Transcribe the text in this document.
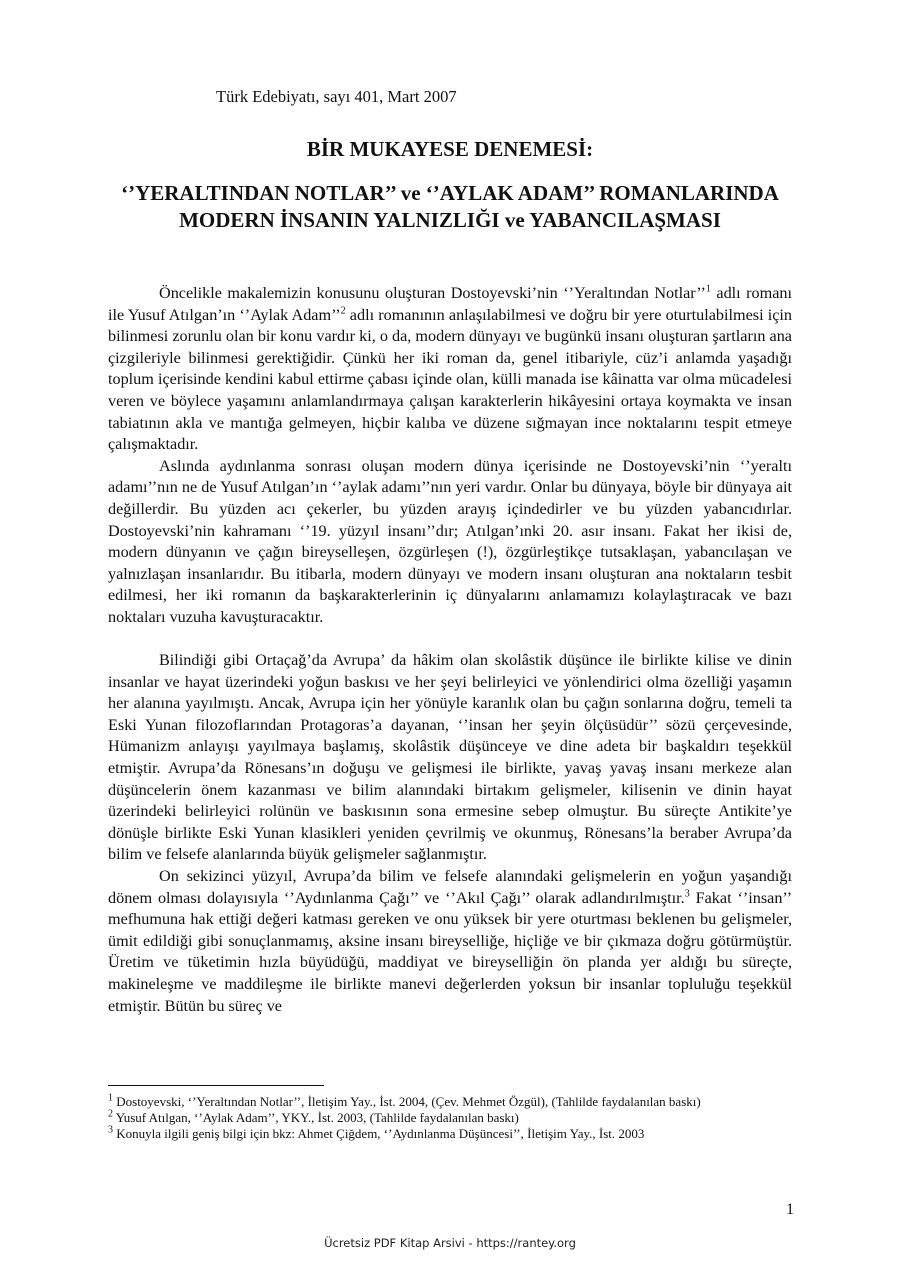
Türk Edebiyatı, sayı 401, Mart 2007
BİR MUKAYESE DENEMESİ:
‘’YERALTINDAN NOTLAR’’ ve ‘’AYLAK ADAM’’ ROMANLARINDA MODERN İNSANIN YALNIZLIĞI ve YABANCILAŞMASI

Öncelikle makalemizin konusunu oluşturan Dostoyevski’nin ‘’Yeraltından Notlar’’$^1$ adlı romanı ile Yusuf Atılgan’ın ‘’Aylak Adam’’$^2$ adlı romanının anlaşılabilmesi ve doğru bir yere oturtulabilmesi için bilinmesi zorunlu olan bir konu vardır ki, o da, modern dünyayı ve bugünkü insanı oluşturan şartların ana çizgileriyle bilinmesi gerektiğidir. Çünkü her iki roman da, genel itibariyle, cüz’i anlamda yaşadığı toplum içerisinde kendini kabul ettirme çabası içinde olan, külli manada ise kâinatta var olma mücadelesi veren ve böylece yaşamını anlamlandırmaya çalışan karakterlerin hikâyesini ortaya koymakta ve insan tabiatının akla ve mantığa gelmeyen, hiçbir kalıba ve düzene sığmayan ince noktalarını tespit etmeye çalışmaktadır.

Aslında aydınlanma sonrası oluşan modern dünya içerisinde ne Dostoyevski’nin ‘’yeraltı adamı’’nın ne de Yusuf Atılgan’ın ‘’aylak adamı’’nın yeri vardır. Onlar bu dünyaya, böyle bir dünyaya ait değillerdir. Bu yüzden acı çekerler, bu yüzden arayış içindedirler ve bu yüzden yabancıdırlar. Dostoyevski’nin kahramanı ‘’19. yüzyıl insanı’’dır; Atılgan’ınki 20. asır insanı. Fakat her ikisi de, modern dünyanın ve çağın bireyselleşen, özgürleşen (!), özgürleştikçe tutsaklaşan, yabancılaşan ve yalnızlaşan insanlarıdır. Bu itibarla, modern dünyayı ve modern insanı oluşturan ana noktaların tesbit edilmesi, her iki romanın da başkarakterlerinin iç dünyalarını anlamamızı kolaylaştıracak ve bazı noktaları vuzuha kavuşturacaktır.

Bilindiği gibi Ortaçağ’da Avrupa’ da hâkim olan skolâstik düşünce ile birlikte kilise ve dinin insanlar ve hayat üzerindeki yoğun baskısı ve her şeyi belirleyici ve yönlendirici olma özelliği yaşamın her alanına yayılmıştı. Ancak, Avrupa için her yönüyle karanlık olan bu çağın sonlarına doğru, temeli ta Eski Yunan filozoflarından Protagoras’a dayanan, ‘’insan her şeyin ölçüsüdür’’ sözü çerçevesinde, Hümanizm anlayışı yayılmaya başlamış, skolâstik düşünceye ve dine adeta bir başkaldırı teşekkül etmiştir. Avrupa’da Rönesans’ın doğuşu ve gelişmesi ile birlikte, yavaş yavaş insanı merkeze alan düşüncelerin önem kazanması ve bilim alanındaki birtakım gelişmeler, kilisenin ve dinin hayat üzerindeki belirleyici rolünün ve baskısının sona ermesine sebep olmuştur. Bu süreçte Antikite’ye dönüşle birlikte Eski Yunan klasikleri yeniden çevrilmiş ve okunmuş, Rönesans’la beraber Avrupa’da bilim ve felsefe alanlarında büyük gelişmeler sağlanmıştır.

On sekizinci yüzyıl, Avrupa’da bilim ve felsefe alanındaki gelişmelerin en yoğun yaşandığı dönem olması dolayısıyla ‘’Aydınlanma Çağı’’ ve ‘’Akıl Çağı’’ olarak adlandırılmıştır.$^3$ Fakat ‘’insan’’ mefhumuna hak ettiği değeri katması gereken ve onu yüksek bir yere oturtması beklenen bu gelişmeler, ümit edildiği gibi sonuçlanmamış, aksine insanı bireyselliğe, hiçliğe ve bir çıkmaza doğru götürmüştür. Üretim ve tüketimin hızla büyüdüğü, maddiyat ve bireyselliğin ön planda yer aldığı bu süreçte, makineleşme ve maddileşme ile birlikte manevi değerlerden yoksun bir insanlar topluluğu teşekkül etmiştir. Bütün bu süreç ve

$^1$ Dostoyevski, ‘’Yeraltından Notlar’’, İletişim Yay., İst. 2004, (Çev. Mehmet Özgül), (Tahlilde faydalanılan baskı)
$^2$ Yusuf Atılgan, ‘’Aylak Adam’’, YKY., İst. 2003, (Tahlilde faydalanılan baskı)
$^3$ Konuyla ilgili geniş bilgi için bkz: Ahmet Çiğdem, ‘’Aydınlanma Düşüncesi’’, İletişim Yay., İst. 2003
1
Ücretsiz PDF Kitap Arsivi - https://rantey.org
